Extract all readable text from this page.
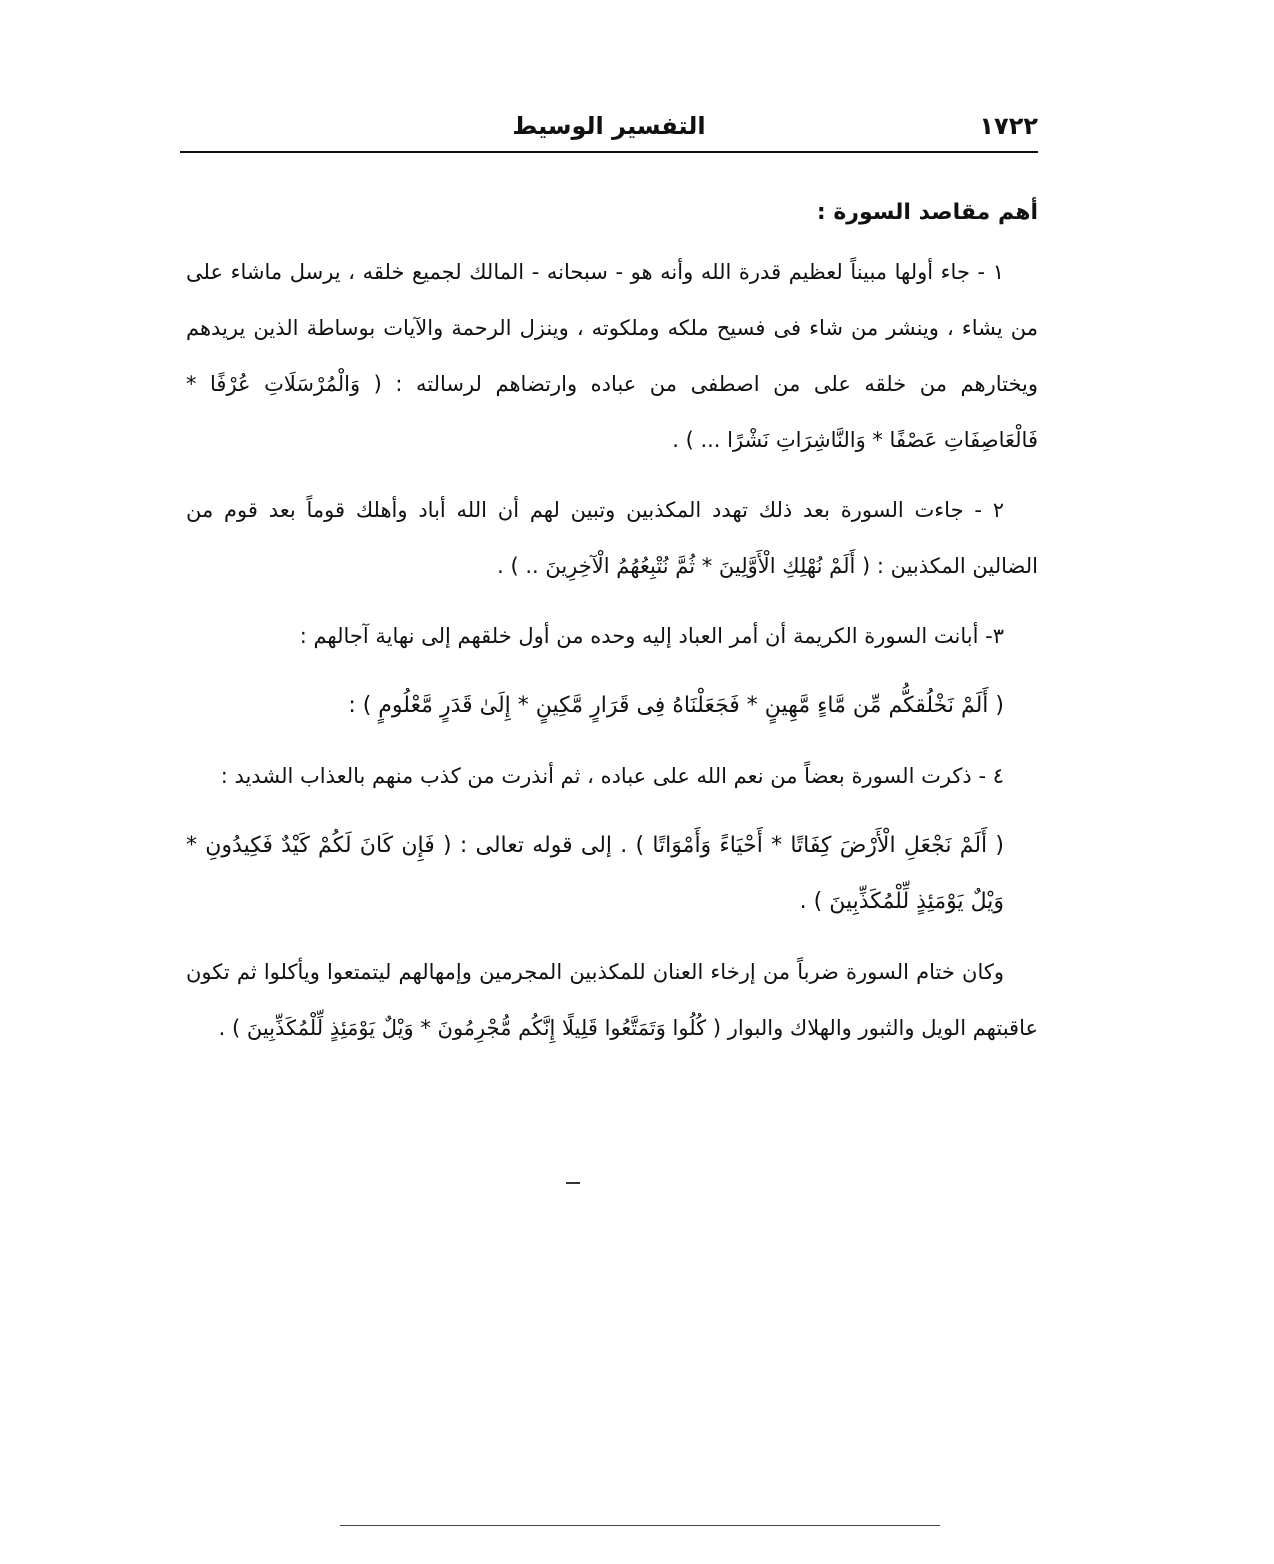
١٧٢٢
التفسير الوسيط
أهم مقاصد السورة :

١ - جاء أولها مبيناً لعظيم قدرة الله وأنه هو - سبحانه - المالك لجميع خلقه ، يرسل ماشاء على من يشاء ، وينشر من شاء فى فسيح ملكه وملكوته ، وينزل الرحمة والآيات بوساطة الذين يريدهم ويختارهم من خلقه على من اصطفى من عباده وارتضاهم لرسالته : ( وَالْمُرْسَلَاتِ عُرْفًا * فَالْعَاصِفَاتِ عَصْفًا * وَالنَّاشِرَاتِ نَشْرًا ... ) .

٢ - جاءت السورة بعد ذلك تهدد المكذبين وتبين لهم أن الله أباد وأهلك قوماً بعد قوم من الضالين المكذبين : ( أَلَمْ نُهْلِكِ الْأَوَّلِينَ * ثُمَّ نُتْبِعُهُمُ الْآخِرِينَ .. ) .

٣- أبانت السورة الكريمة أن أمر العباد إليه وحده من أول خلقهم إلى نهاية آجالهم :

( أَلَمْ نَخْلُقكُّم مِّن مَّاءٍ مَّهِينٍ * فَجَعَلْنَاهُ فِى قَرَارٍ مَّكِينٍ * إِلَىٰ قَدَرٍ مَّعْلُومٍ ) :

٤ - ذكرت السورة بعضاً من نعم الله على عباده ، ثم أنذرت من كذب منهم بالعذاب الشديد :

( أَلَمْ نَجْعَلِ الْأَرْضَ كِفَاتًا * أَحْيَاءً وَأَمْوَاتًا ) . إلى قوله تعالى : ( فَإِن كَانَ لَكُمْ كَيْدٌ فَكِيدُونِ * وَيْلٌ يَوْمَئِذٍ لِّلْمُكَذِّبِينَ ) .

وكان ختام السورة ضرباً من إرخاء العنان للمكذبين المجرمين وإمهالهم ليتمتعوا ويأكلوا ثم تكون عاقبتهم الويل والثبور والهلاك والبوار ( كُلُوا وَتَمَتَّعُوا قَلِيلًا إِنَّكُم مُّجْرِمُونَ * وَيْلٌ يَوْمَئِذٍ لِّلْمُكَذِّبِينَ ) .
